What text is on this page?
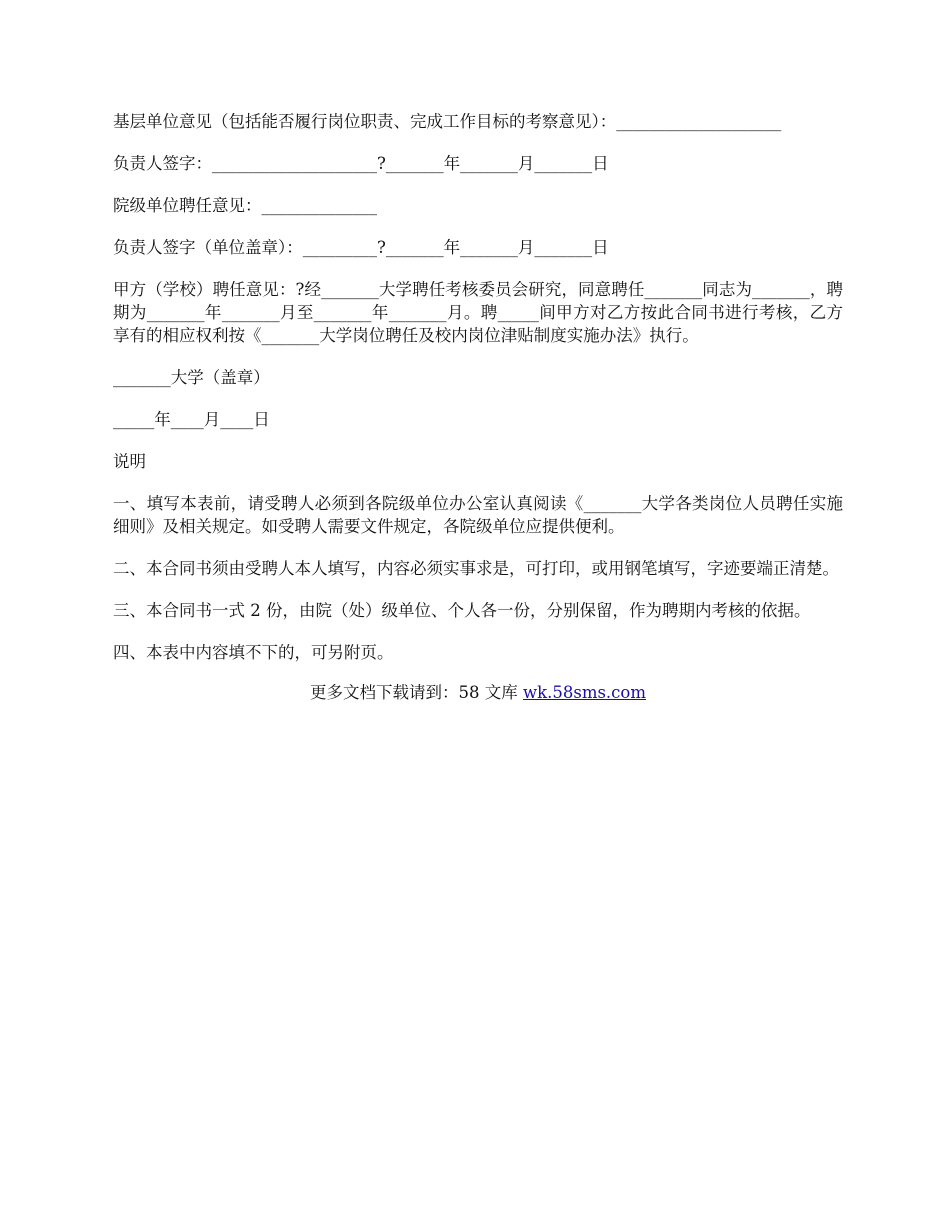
基层单位意见（包括能否履行岗位职责、完成工作目标的考察意见）：____________________

负责人签字：____________________?_______年_______月_______日

院级单位聘任意见：______________

负责人签字（单位盖章）：_________?_______年_______月_______日

甲方（学校）聘任意见：?经_______大学聘任考核委员会研究，同意聘任_______同志为_______，聘期为_______年_______月至_______年_______月。聘_____间甲方对乙方按此合同书进行考核，乙方享有的相应权利按《_______大学岗位聘任及校内岗位津贴制度实施办法》执行。

_______大学（盖章）

_____年____月____日

说明

一、填写本表前，请受聘人必须到各院级单位办公室认真阅读《_______大学各类岗位人员聘任实施细则》及相关规定。如受聘人需要文件规定，各院级单位应提供便利。

二、本合同书须由受聘人本人填写，内容必须实事求是，可打印，或用钢笔填写，字迹要端正清楚。

三、本合同书一式 2 份，由院（处）级单位、个人各一份，分别保留，作为聘期内考核的依据。

四、本表中内容填不下的，可另附页。

更多文档下载请到：58 文库 wk.58sms.com
